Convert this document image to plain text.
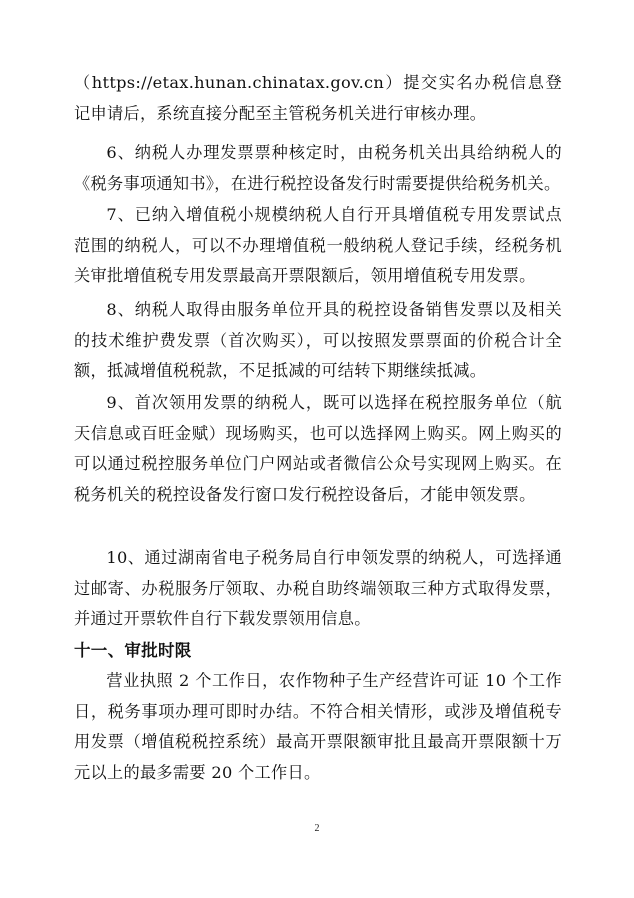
（https://etax.hunan.chinatax.gov.cn）提交实名办税信息登记申请后，系统直接分配至主管税务机关进行审核办理。

6、纳税人办理发票票种核定时，由税务机关出具给纳税人的《税务事项通知书》，在进行税控设备发行时需要提供给税务机关。

7、已纳入增值税小规模纳税人自行开具增值税专用发票试点范围的纳税人，可以不办理增值税一般纳税人登记手续，经税务机关审批增值税专用发票最高开票限额后，领用增值税专用发票。

8、纳税人取得由服务单位开具的税控设备销售发票以及相关的技术维护费发票（首次购买），可以按照发票票面的价税合计全额，抵减增值税税款，不足抵减的可结转下期继续抵减。

9、首次领用发票的纳税人，既可以选择在税控服务单位（航天信息或百旺金赋）现场购买，也可以选择网上购买。网上购买的可以通过税控服务单位门户网站或者微信公众号实现网上购买。在税务机关的税控设备发行窗口发行税控设备后，才能申领发票。

10、通过湖南省电子税务局自行申领发票的纳税人，可选择通过邮寄、办税服务厅领取、办税自助终端领取三种方式取得发票，并通过开票软件自行下载发票领用信息。

十一、审批时限

营业执照 2 个工作日，农作物种子生产经营许可证 10 个工作日，税务事项办理可即时办结。不符合相关情形，或涉及增值税专用发票（增值税税控系统）最高开票限额审批且最高开票限额十万元以上的最多需要 20 个工作日。

2
